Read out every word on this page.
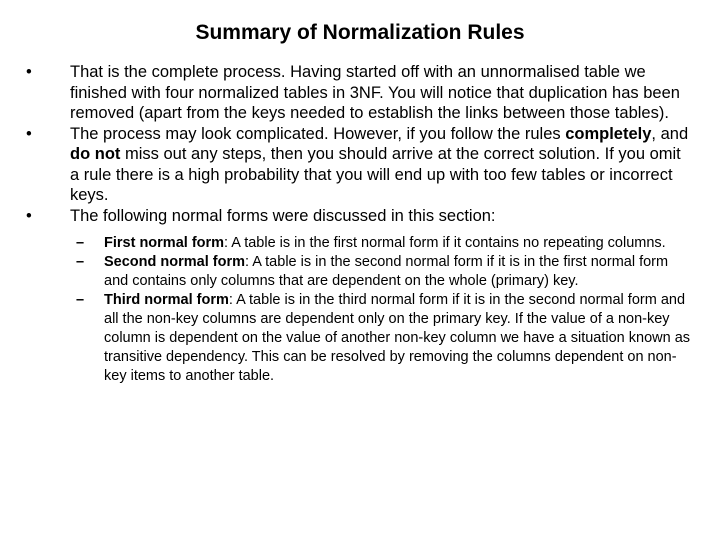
Summary of Normalization Rules
•	That is the complete process. Having started off with an unnormalised table we finished with four normalized tables in 3NF. You will notice that duplication has been removed (apart from the keys needed to establish the links between those tables).
•	The process may look complicated. However, if you follow the rules completely, and do not miss out any steps, then you should arrive at the correct solution. If you omit a rule there is a high probability that you will end up with too few tables or incorrect keys.
•	The following normal forms were discussed in this section:
– First normal form: A table is in the first normal form if it contains no repeating columns.
– Second normal form: A table is in the second normal form if it is in the first normal form and contains only columns that are dependent on the whole (primary) key.
– Third normal form: A table is in the third normal form if it is in the second normal form and all the non-key columns are dependent only on the primary key. If the value of a non-key column is dependent on the value of another non-key column we have a situation known as transitive dependency. This can be resolved by removing the columns dependent on non-key items to another table.
